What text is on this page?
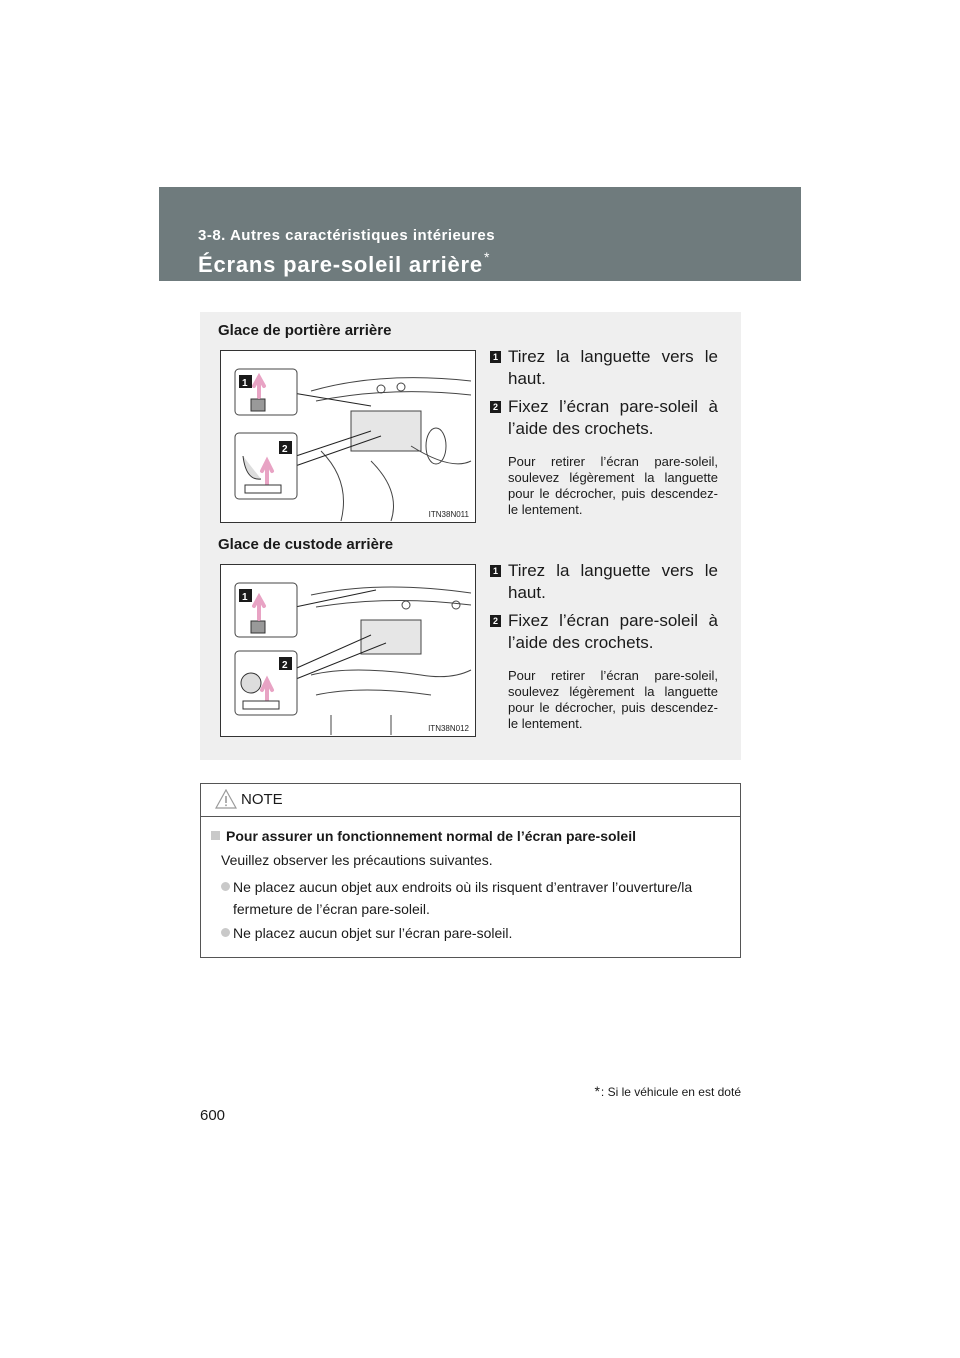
3-8. Autres caractéristiques intérieures
Écrans pare-soleil arrière*
Glace de portière arrière
1
2
ITN38N011
1 Tirez la languette vers le haut.
2 Fixez l’écran pare-soleil à l’aide des crochets.
Pour retirer l’écran pare-soleil, soulevez légèrement la languette pour le décrocher, puis descendez-le lentement.
Glace de custode arrière
1
2
ITN38N012
1 Tirez la languette vers le haut.
2 Fixez l’écran pare-soleil à l’aide des crochets.
Pour retirer l’écran pare-soleil, soulevez légèrement la languette pour le décrocher, puis descendez-le lentement.
NOTE
Pour assurer un fonctionnement normal de l’écran pare-soleil
Veuillez observer les précautions suivantes.
Ne placez aucun objet aux endroits où ils risquent d’entraver l’ouverture/la fermeture de l’écran pare-soleil.
Ne placez aucun objet sur l’écran pare-soleil.
*: Si le véhicule en est doté
600
